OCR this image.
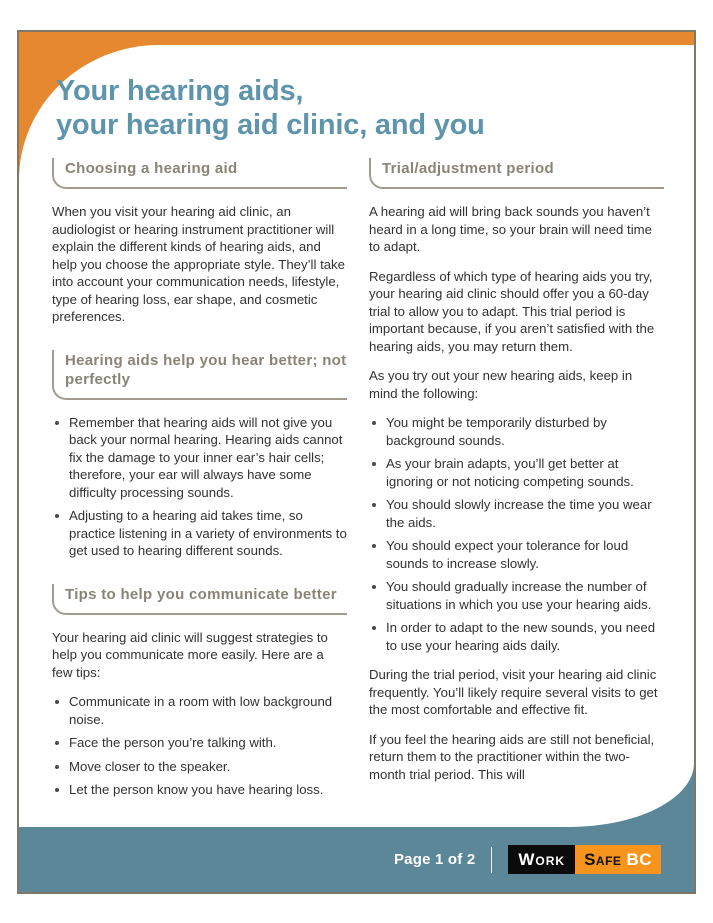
Your hearing aids,
your hearing aid clinic, and you
Choosing a hearing aid

When you visit your hearing aid clinic, an audiologist or hearing instrument practitioner will explain the different kinds of hearing aids, and help you choose the appropriate style. They’ll take into account your communication needs, lifestyle, type of hearing loss, ear shape, and cosmetic preferences.

Hearing aids help you hear better; not perfectly
Remember that hearing aids will not give you back your normal hearing. Hearing aids cannot fix the damage to your inner ear’s hair cells; therefore, your ear will always have some difficulty processing sounds.
Adjusting to a hearing aid takes time, so practice listening in a variety of environments to get used to hearing different sounds.
Tips to help you communicate better

Your hearing aid clinic will suggest strategies to help you communicate more easily. Here are a few tips:

Communicate in a room with low background noise.
Face the person you’re talking with.
Move closer to the speaker.
Let the person know you have hearing loss.
Trial/adjustment period

A hearing aid will bring back sounds you haven’t heard in a long time, so your brain will need time to adapt.

Regardless of which type of hearing aids you try, your hearing aid clinic should offer you a 60-day trial to allow you to adapt. This trial period is important because, if you aren’t satisfied with the hearing aids, you may return them.

As you try out your new hearing aids, keep in mind the following:

You might be temporarily disturbed by background sounds.
As your brain adapts, you’ll get better at ignoring or not noticing competing sounds.
You should slowly increase the time you wear the aids.
You should expect your tolerance for loud sounds to increase slowly.
You should gradually increase the number of situations in which you use your hearing aids.
In order to adapt to the new sounds, you need to use your hearing aids daily.

During the trial period, visit your hearing aid clinic frequently. You’ll likely require several visits to get the most comfortable and effective fit.

If you feel the hearing aids are still not beneficial, return them to the practitioner within the two-month trial period. This will

Page 1 of 2	Work	Safe BC
